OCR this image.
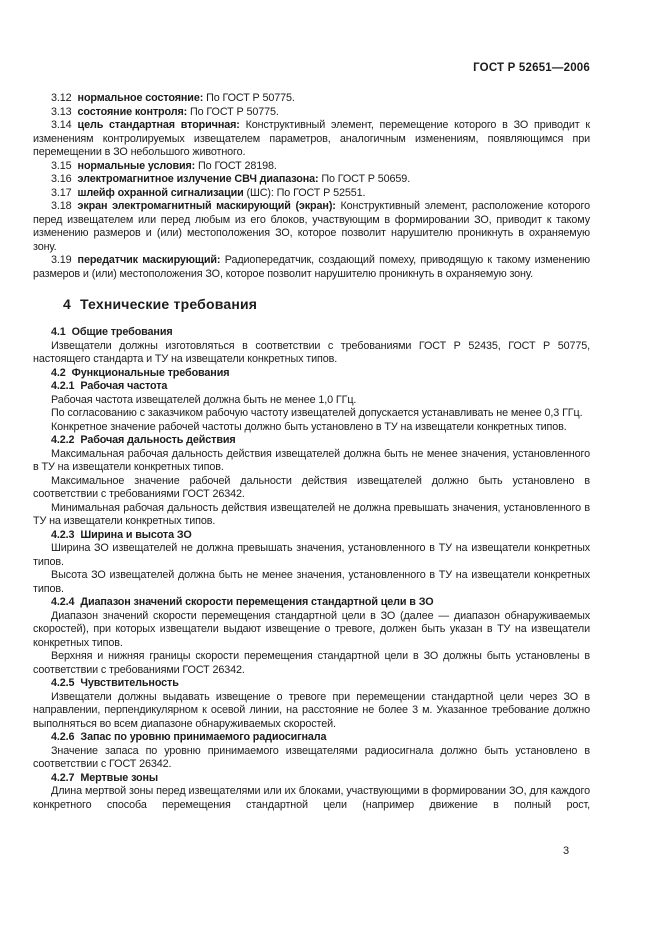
ГОСТ Р 52651—2006

3.12 нормальное состояние: По ГОСТ Р 50775.

3.13 состояние контроля: По ГОСТ Р 50775.

3.14 цель стандартная вторичная: Конструктивный элемент, перемещение которого в ЗО приводит к изменениям контролируемых извещателем параметров, аналогичным изменениям, появляющимся при перемещении в ЗО небольшого животного.

3.15 нормальные условия: По ГОСТ 28198.

3.16 электромагнитное излучение СВЧ диапазона: По ГОСТ Р 50659.

3.17 шлейф охранной сигнализации (ШС): По ГОСТ Р 52551.

3.18 экран электромагнитный маскирующий (экран): Конструктивный элемент, расположение которого перед извещателем или перед любым из его блоков, участвующим в формировании ЗО, приводит к такому изменению размеров и (или) местоположения ЗО, которое позволит нарушителю проникнуть в охраняемую зону.

3.19 передатчик маскирующий: Радиопередатчик, создающий помеху, приводящую к такому изменению размеров и (или) местоположения ЗО, которое позволит нарушителю проникнуть в охраняемую зону.

4 Технические требования

4.1 Общие требования

Извещатели должны изготовляться в соответствии с требованиями ГОСТ Р 52435, ГОСТ Р 50775, настоящего стандарта и ТУ на извещатели конкретных типов.

4.2 Функциональные требования

4.2.1 Рабочая частота

Рабочая частота извещателей должна быть не менее 1,0 ГГц.

По согласованию с заказчиком рабочую частоту извещателей допускается устанавливать не менее 0,3 ГГц.

Конкретное значение рабочей частоты должно быть установлено в ТУ на извещатели конкретных типов.

4.2.2 Рабочая дальность действия

Максимальная рабочая дальность действия извещателей должна быть не менее значения, установленного в ТУ на извещатели конкретных типов.

Максимальное значение рабочей дальности действия извещателей должно быть установлено в соответствии с требованиями ГОСТ 26342.

Минимальная рабочая дальность действия извещателей не должна превышать значения, установленного в ТУ на извещатели конкретных типов.

4.2.3 Ширина и высота ЗО

Ширина ЗО извещателей не должна превышать значения, установленного в ТУ на извещатели конкретных типов.

Высота ЗО извещателей должна быть не менее значения, установленного в ТУ на извещатели конкретных типов.

4.2.4 Диапазон значений скорости перемещения стандартной цели в ЗО

Диапазон значений скорости перемещения стандартной цели в ЗО (далее — диапазон обнаруживаемых скоростей), при которых извещатели выдают извещение о тревоге, должен быть указан в ТУ на извещатели конкретных типов.

Верхняя и нижняя границы скорости перемещения стандартной цели в ЗО должны быть установлены в соответствии с требованиями ГОСТ 26342.

4.2.5 Чувствительность

Извещатели должны выдавать извещение о тревоге при перемещении стандартной цели через ЗО в направлении, перпендикулярном к осевой линии, на расстояние не более 3 м. Указанное требование должно выполняться во всем диапазоне обнаруживаемых скоростей.

4.2.6 Запас по уровню принимаемого радиосигнала

Значение запаса по уровню принимаемого извещателями радиосигнала должно быть установлено в соответствии с ГОСТ 26342.

4.2.7 Мертвые зоны

Длина мертвой зоны перед извещателями или их блоками, участвующими в формировании ЗО, для каждого конкретного способа перемещения стандартной цели (например движение в полный рост,

3
